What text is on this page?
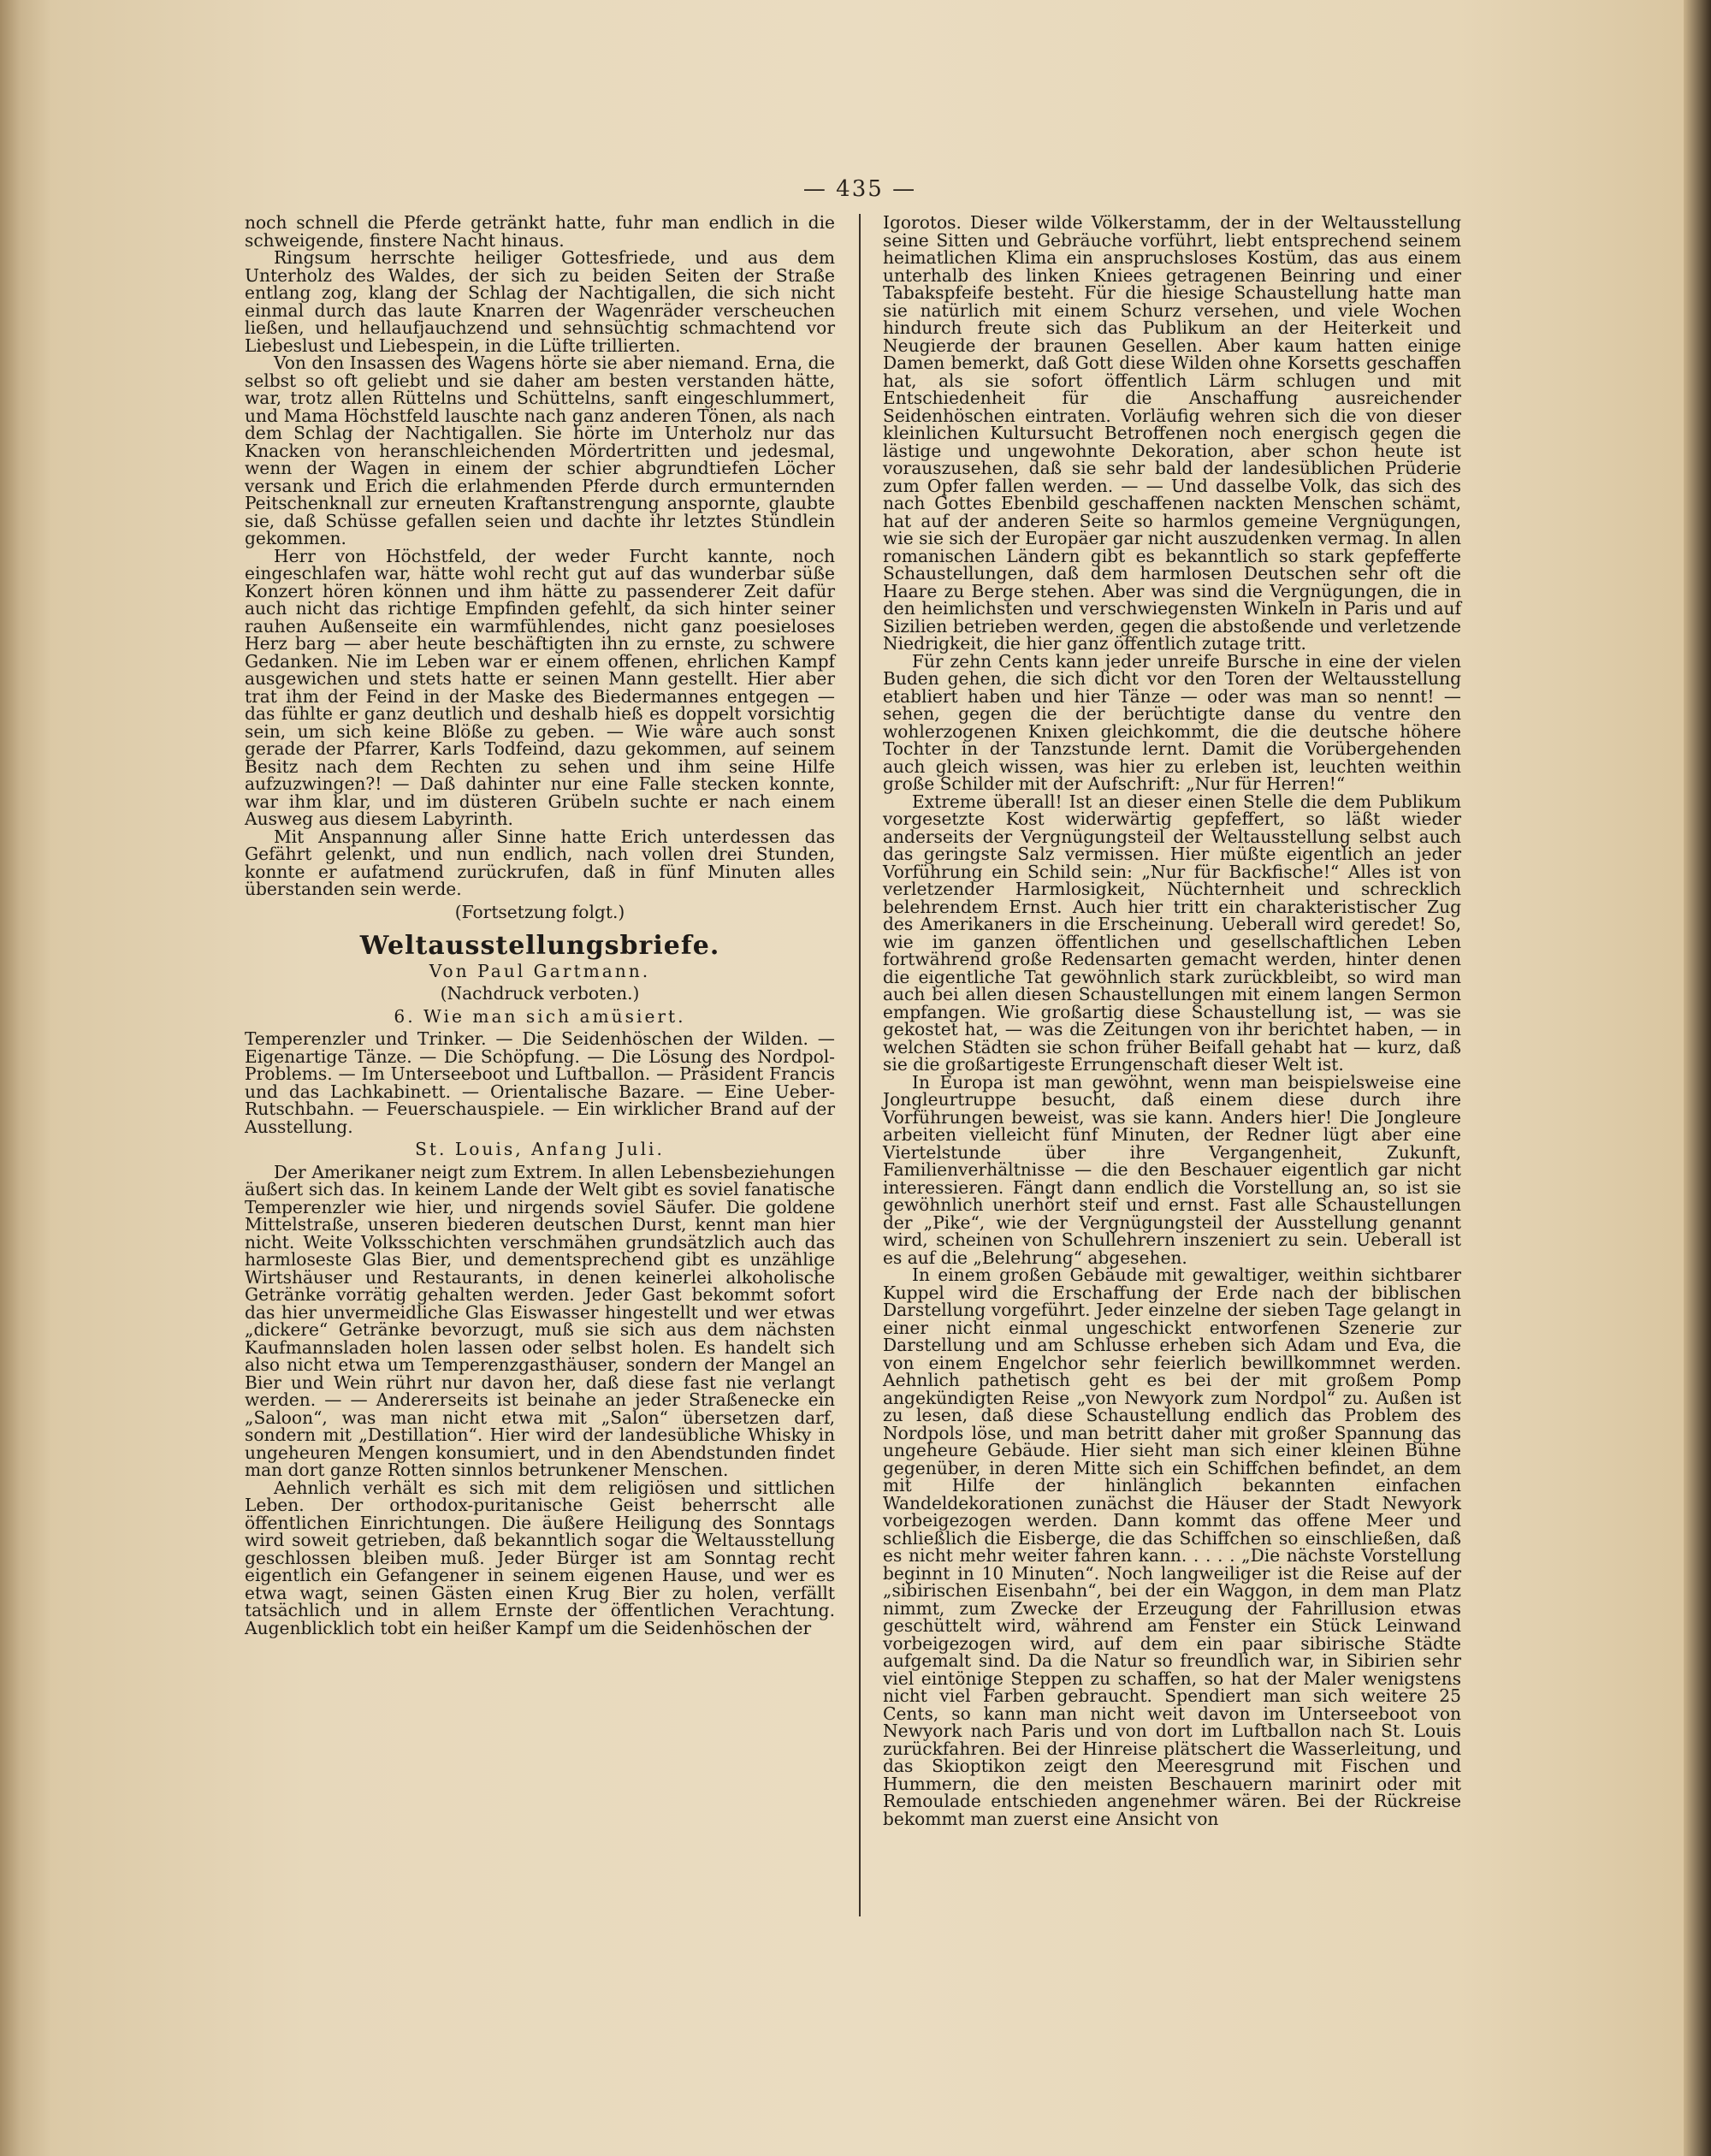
— 435 —

noch schnell die Pferde getränkt hatte, fuhr man endlich in die schweigende, finstere Nacht hinaus.

Ringsum herrschte heiliger Gottesfriede, und aus dem Unterholz des Waldes, der sich zu beiden Seiten der Straße entlang zog, klang der Schlag der Nachtigallen, die sich nicht einmal durch das laute Knarren der Wagenräder verscheuchen ließen, und hellaufjauchzend und sehnsüchtig schmachtend vor Liebeslust und Liebespein, in die Lüfte trillierten.

Von den Insassen des Wagens hörte sie aber niemand. Erna, die selbst so oft geliebt und sie daher am besten verstanden hätte, war, trotz allen Rüttelns und Schüttelns, sanft eingeschlummert, und Mama Höchstfeld lauschte nach ganz anderen Tönen, als nach dem Schlag der Nachtigallen. Sie hörte im Unterholz nur das Knacken von heranschleichenden Mördertritten und jedesmal, wenn der Wagen in einem der schier abgrundtiefen Löcher versank und Erich die erlahmenden Pferde durch ermunternden Peitschenknall zur erneuten Kraftanstrengung anspornte, glaubte sie, daß Schüsse gefallen seien und dachte ihr letztes Stündlein gekommen.

Herr von Höchstfeld, der weder Furcht kannte, noch eingeschlafen war, hätte wohl recht gut auf das wunderbar süße Konzert hören können und ihm hätte zu passenderer Zeit dafür auch nicht das richtige Empfinden gefehlt, da sich hinter seiner rauhen Außenseite ein warmfühlendes, nicht ganz poesieloses Herz barg — aber heute beschäftigten ihn zu ernste, zu schwere Gedanken. Nie im Leben war er einem offenen, ehrlichen Kampf ausgewichen und stets hatte er seinen Mann gestellt. Hier aber trat ihm der Feind in der Maske des Biedermannes entgegen — das fühlte er ganz deutlich und deshalb hieß es doppelt vorsichtig sein, um sich keine Blöße zu geben. — Wie wäre auch sonst gerade der Pfarrer, Karls Todfeind, dazu gekommen, auf seinem Besitz nach dem Rechten zu sehen und ihm seine Hilfe aufzuzwingen?! — Daß dahinter nur eine Falle stecken konnte, war ihm klar, und im düsteren Grübeln suchte er nach einem Ausweg aus diesem Labyrinth.

Mit Anspannung aller Sinne hatte Erich unterdessen das Gefährt gelenkt, und nun endlich, nach vollen drei Stunden, konnte er aufatmend zurückrufen, daß in fünf Minuten alles überstanden sein werde.

(Fortsetzung folgt.)

Weltausstellungsbriefe.

Von Paul Gartmann.

(Nachdruck verboten.)

6. Wie man sich amüsiert.

Temperenzler und Trinker. — Die Seidenhöschen der Wilden. — Eigenartige Tänze. — Die Schöpfung. — Die Lösung des Nordpol-Problems. — Im Unterseeboot und Luftballon. — Präsident Francis und das Lachkabinett. — Orientalische Bazare. — Eine Ueber-Rutschbahn. — Feuerschauspiele. — Ein wirklicher Brand auf der Ausstellung.

St. Louis, Anfang Juli.

Der Amerikaner neigt zum Extrem. In allen Lebensbeziehungen äußert sich das. In keinem Lande der Welt gibt es soviel fanatische Temperenzler wie hier, und nirgends soviel Säufer. Die goldene Mittelstraße, unseren biederen deutschen Durst, kennt man hier nicht. Weite Volksschichten verschmähen grundsätzlich auch das harmloseste Glas Bier, und dementsprechend gibt es unzählige Wirtshäuser und Restaurants, in denen keinerlei alkoholische Getränke vorrätig gehalten werden. Jeder Gast bekommt sofort das hier unvermeidliche Glas Eiswasser hingestellt und wer etwas „dickere“ Getränke bevorzugt, muß sie sich aus dem nächsten Kaufmannsladen holen lassen oder selbst holen. Es handelt sich also nicht etwa um Temperenzgasthäuser, sondern der Mangel an Bier und Wein rührt nur davon her, daß diese fast nie verlangt werden. — — Andererseits ist beinahe an jeder Straßenecke ein „Saloon“, was man nicht etwa mit „Salon“ übersetzen darf, sondern mit „Destillation“. Hier wird der landesübliche Whisky in ungeheuren Mengen konsumiert, und in den Abendstunden findet man dort ganze Rotten sinnlos betrunkener Menschen.

Aehnlich verhält es sich mit dem religiösen und sittlichen Leben. Der orthodox-puritanische Geist beherrscht alle öffentlichen Einrichtungen. Die äußere Heiligung des Sonntags wird soweit getrieben, daß bekanntlich sogar die Weltausstellung geschlossen bleiben muß. Jeder Bürger ist am Sonntag recht eigentlich ein Gefangener in seinem eigenen Hause, und wer es etwa wagt, seinen Gästen einen Krug Bier zu holen, verfällt tatsächlich und in allem Ernste der öffentlichen Verachtung. Augenblicklich tobt ein heißer Kampf um die Seidenhöschen der

Igorotos. Dieser wilde Völkerstamm, der in der Weltausstellung seine Sitten und Gebräuche vorführt, liebt entsprechend seinem heimatlichen Klima ein anspruchsloses Kostüm, das aus einem unterhalb des linken Kniees getragenen Beinring und einer Tabakspfeife besteht. Für die hiesige Schaustellung hatte man sie natürlich mit einem Schurz versehen, und viele Wochen hindurch freute sich das Publikum an der Heiterkeit und Neugierde der braunen Gesellen. Aber kaum hatten einige Damen bemerkt, daß Gott diese Wilden ohne Korsetts geschaffen hat, als sie sofort öffentlich Lärm schlugen und mit Entschiedenheit für die Anschaffung ausreichender Seidenhöschen eintraten. Vorläufig wehren sich die von dieser kleinlichen Kultursucht Betroffenen noch energisch gegen die lästige und ungewohnte Dekoration, aber schon heute ist vorauszusehen, daß sie sehr bald der landesüblichen Prüderie zum Opfer fallen werden. — — Und dasselbe Volk, das sich des nach Gottes Ebenbild geschaffenen nackten Menschen schämt, hat auf der anderen Seite so harmlos gemeine Vergnügungen, wie sie sich der Europäer gar nicht auszudenken vermag. In allen romanischen Ländern gibt es bekanntlich so stark gepfefferte Schaustellungen, daß dem harmlosen Deutschen sehr oft die Haare zu Berge stehen. Aber was sind die Vergnügungen, die in den heimlichsten und verschwiegensten Winkeln in Paris und auf Sizilien betrieben werden, gegen die abstoßende und verletzende Niedrigkeit, die hier ganz öffentlich zutage tritt.

Für zehn Cents kann jeder unreife Bursche in eine der vielen Buden gehen, die sich dicht vor den Toren der Weltausstellung etabliert haben und hier Tänze — oder was man so nennt! — sehen, gegen die der berüchtigte danse du ventre den wohlerzogenen Knixen gleichkommt, die die deutsche höhere Tochter in der Tanzstunde lernt. Damit die Vorübergehenden auch gleich wissen, was hier zu erleben ist, leuchten weithin große Schilder mit der Aufschrift: „Nur für Herren!“

Extreme überall! Ist an dieser einen Stelle die dem Publikum vorgesetzte Kost widerwärtig gepfeffert, so läßt wieder anderseits der Vergnügungsteil der Weltausstellung selbst auch das geringste Salz vermissen. Hier müßte eigentlich an jeder Vorführung ein Schild sein: „Nur für Backfische!“ Alles ist von verletzender Harmlosigkeit, Nüchternheit und schrecklich belehrendem Ernst. Auch hier tritt ein charakteristischer Zug des Amerikaners in die Erscheinung. Ueberall wird geredet! So, wie im ganzen öffentlichen und gesellschaftlichen Leben fortwährend große Redensarten gemacht werden, hinter denen die eigentliche Tat gewöhnlich stark zurückbleibt, so wird man auch bei allen diesen Schaustellungen mit einem langen Sermon empfangen. Wie großartig diese Schaustellung ist, — was sie gekostet hat, — was die Zeitungen von ihr berichtet haben, — in welchen Städten sie schon früher Beifall gehabt hat — kurz, daß sie die großartigeste Errungenschaft dieser Welt ist.

In Europa ist man gewöhnt, wenn man beispielsweise eine Jongleurtruppe besucht, daß einem diese durch ihre Vorführungen beweist, was sie kann. Anders hier! Die Jongleure arbeiten vielleicht fünf Minuten, der Redner lügt aber eine Viertelstunde über ihre Vergangenheit, Zukunft, Familienverhältnisse — die den Beschauer eigentlich gar nicht interessieren. Fängt dann endlich die Vorstellung an, so ist sie gewöhnlich unerhört steif und ernst. Fast alle Schaustellungen der „Pike“, wie der Vergnügungsteil der Ausstellung genannt wird, scheinen von Schullehrern inszeniert zu sein. Ueberall ist es auf die „Belehrung“ abgesehen.

In einem großen Gebäude mit gewaltiger, weithin sichtbarer Kuppel wird die Erschaffung der Erde nach der biblischen Darstellung vorgeführt. Jeder einzelne der sieben Tage gelangt in einer nicht einmal ungeschickt entworfenen Szenerie zur Darstellung und am Schlusse erheben sich Adam und Eva, die von einem Engelchor sehr feierlich bewillkommnet werden. Aehnlich pathetisch geht es bei der mit großem Pomp angekündigten Reise „von Newyork zum Nordpol“ zu. Außen ist zu lesen, daß diese Schaustellung endlich das Problem des Nordpols löse, und man betritt daher mit großer Spannung das ungeheure Gebäude. Hier sieht man sich einer kleinen Bühne gegenüber, in deren Mitte sich ein Schiffchen befindet, an dem mit Hilfe der hinlänglich bekannten einfachen Wandeldekorationen zunächst die Häuser der Stadt Newyork vorbeigezogen werden. Dann kommt das offene Meer und schließlich die Eisberge, die das Schiffchen so einschließen, daß es nicht mehr weiter fahren kann. . . . . „Die nächste Vorstellung beginnt in 10 Minuten“. Noch langweiliger ist die Reise auf der „sibirischen Eisenbahn“, bei der ein Waggon, in dem man Platz nimmt, zum Zwecke der Erzeugung der Fahrillusion etwas geschüttelt wird, während am Fenster ein Stück Leinwand vorbeigezogen wird, auf dem ein paar sibirische Städte aufgemalt sind. Da die Natur so freundlich war, in Sibirien sehr viel eintönige Steppen zu schaffen, so hat der Maler wenigstens nicht viel Farben gebraucht. Spendiert man sich weitere 25 Cents, so kann man nicht weit davon im Unterseeboot von Newyork nach Paris und von dort im Luftballon nach St. Louis zurückfahren. Bei der Hinreise plätschert die Wasserleitung, und das Skioptikon zeigt den Meeresgrund mit Fischen und Hummern, die den meisten Beschauern marinirt oder mit Remoulade entschieden angenehmer wären. Bei der Rückreise bekommt man zuerst eine Ansicht von
